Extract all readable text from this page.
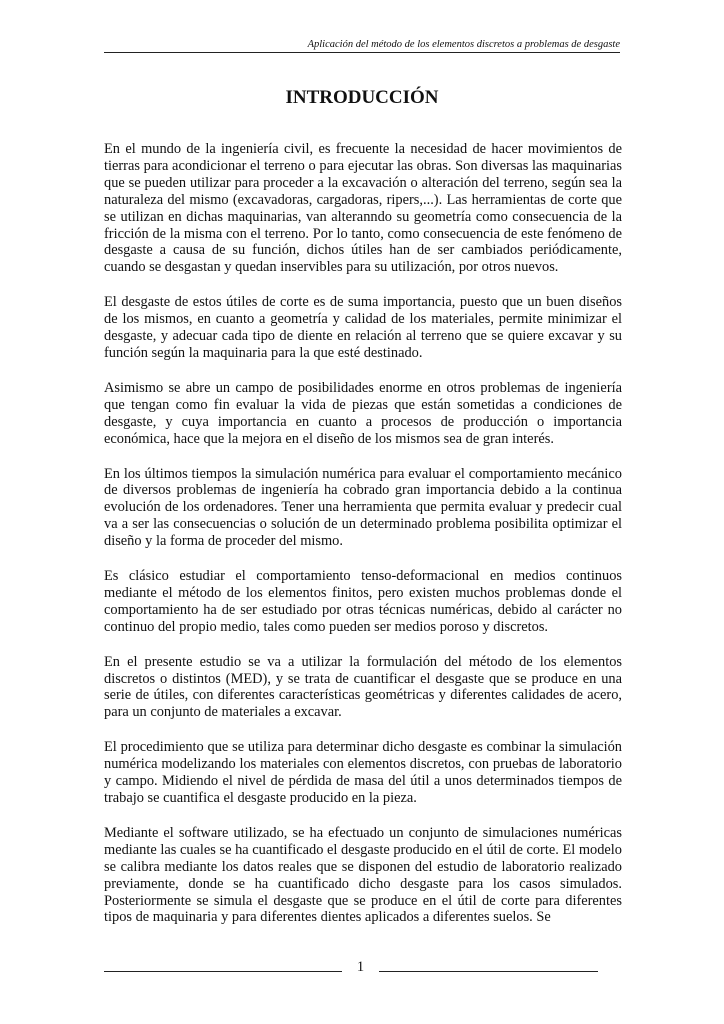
Aplicación del método de los elementos discretos a problemas de desgaste
INTRODUCCIÓN

En el mundo de la ingeniería civil, es frecuente la necesidad de hacer movimientos de tierras para acondicionar el terreno o para ejecutar las obras. Son diversas las maquinarias que se pueden utilizar para proceder a la excavación o alteración del terreno, según sea la naturaleza del mismo (excavadoras, cargadoras, ripers,...). Las herramientas de corte que se utilizan en dichas maquinarias, van alteranndo su geometría como consecuencia de la fricción de la misma con el terreno. Por lo tanto, como consecuencia de este fenómeno de desgaste a causa de su función, dichos útiles han de ser cambiados periódicamente, cuando se desgastan y quedan inservibles para su utilización, por otros nuevos.

El desgaste de estos útiles de corte es de suma importancia, puesto que un buen diseños de los mismos, en cuanto a geometría y calidad de los materiales, permite minimizar el desgaste, y adecuar cada tipo de diente en relación al terreno que se quiere excavar y su función según la maquinaria para la que esté destinado.

Asimismo se abre un campo de posibilidades enorme en otros problemas de ingeniería que tengan como fin evaluar la vida de piezas que están sometidas a condiciones de desgaste, y cuya importancia en cuanto a procesos de producción o importancia económica, hace que la mejora en el diseño de los mismos sea de gran interés.

En los últimos tiempos la simulación numérica para evaluar el comportamiento mecánico de diversos problemas de ingeniería ha cobrado gran importancia debido a la continua evolución de los ordenadores. Tener una herramienta que permita evaluar y predecir cual va a ser las consecuencias o solución de un determinado problema posibilita optimizar el diseño y la forma de proceder del mismo.

Es clásico estudiar el comportamiento tenso-deformacional en medios continuos mediante el método de los elementos finitos, pero existen muchos problemas donde el comportamiento ha de ser estudiado por otras técnicas numéricas, debido al carácter no continuo del propio medio, tales como pueden ser medios poroso y discretos.

En el presente estudio se va a utilizar la formulación del método de los elementos discretos o distintos (MED), y se trata de cuantificar el desgaste que se produce en una serie de útiles, con diferentes características geométricas y diferentes calidades de acero, para un conjunto de materiales a excavar.

El procedimiento que se utiliza para determinar dicho desgaste es combinar la simulación numérica modelizando los materiales con elementos discretos, con pruebas de laboratorio y campo. Midiendo el nivel de pérdida de masa del útil a unos determinados tiempos de trabajo se cuantifica el desgaste producido en la pieza.

Mediante el software utilizado, se ha efectuado un conjunto de simulaciones numéricas mediante las cuales se ha cuantificado el desgaste producido en el útil de corte. El modelo se calibra mediante los datos reales que se disponen del estudio de laboratorio realizado previamente, donde se ha cuantificado dicho desgaste para los casos simulados. Posteriormente se simula el desgaste que se produce en el útil de corte para diferentes tipos de maquinaria y para diferentes dientes aplicados a diferentes suelos. Se

1
